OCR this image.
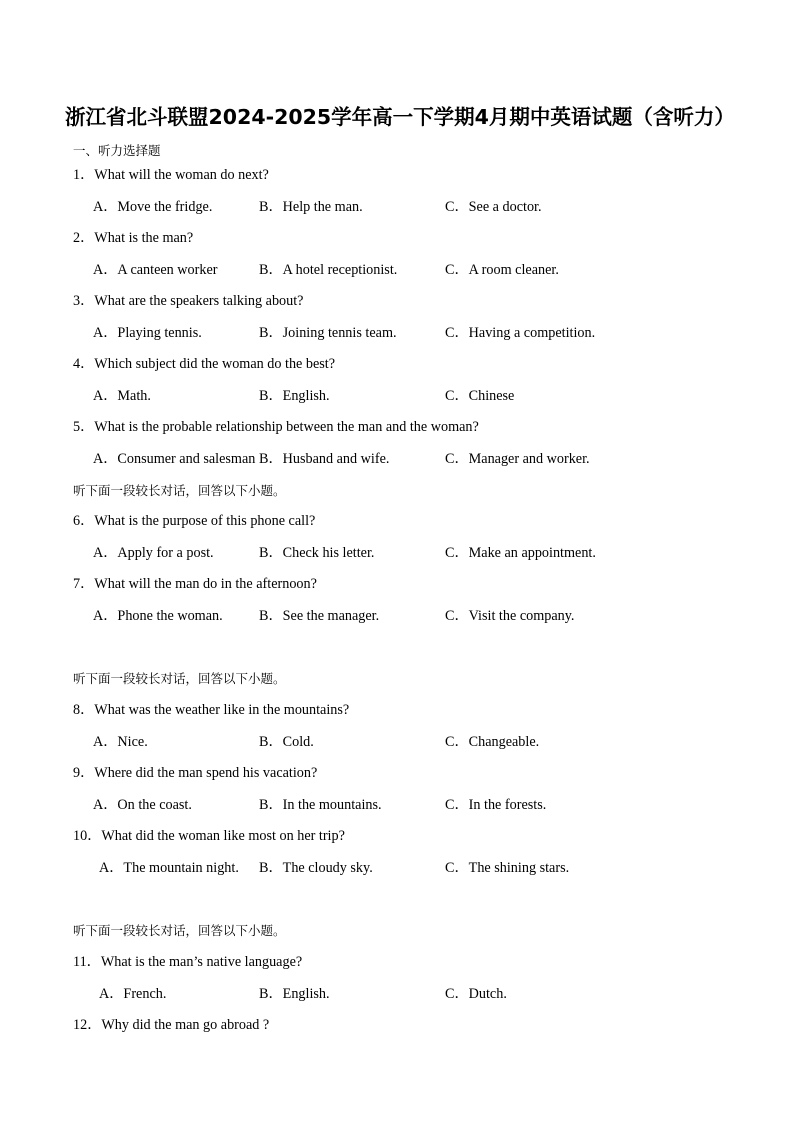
浙江省北斗联盟2024-2025学年高一下学期4月期中英语试题（含听力）
一、听力选择题
1．What will the woman do next?
A．Move the fridge.	B．Help the man.	C．See a doctor.
2．What is the man?
A．A canteen worker	B．A hotel receptionist.	C．A room cleaner.
3．What are the speakers talking about?
A．Playing tennis.	B．Joining tennis team.	C．Having a competition.
4．Which subject did the woman do the best?
A．Math.	B．English.	C．Chinese
5．What is the probable relationship between the man and the woman?
A．Consumer and salesman B．Husband and wife.	C．Manager and worker.
听下面一段较长对话，回答以下小题。
6．What is the purpose of this phone call?
A．Apply for a post.	B．Check his letter.	C．Make an appointment.
7．What will the man do in the afternoon?
A．Phone the woman.	B．See the manager.	C．Visit the company.
听下面一段较长对话，回答以下小题。
8．What was the weather like in the mountains?
A．Nice.	B．Cold.	C．Changeable.
9．Where did the man spend his vacation?
A．On the coast.	B．In the mountains.	C．In the forests.
10．What did the woman like most on her trip?
A．The mountain night. B．The cloudy sky.	C．The shining stars.
听下面一段较长对话，回答以下小题。
11．What is the man’s native language?
A．French.	B．English.	C．Dutch.
12．Why did the man go abroad ?
